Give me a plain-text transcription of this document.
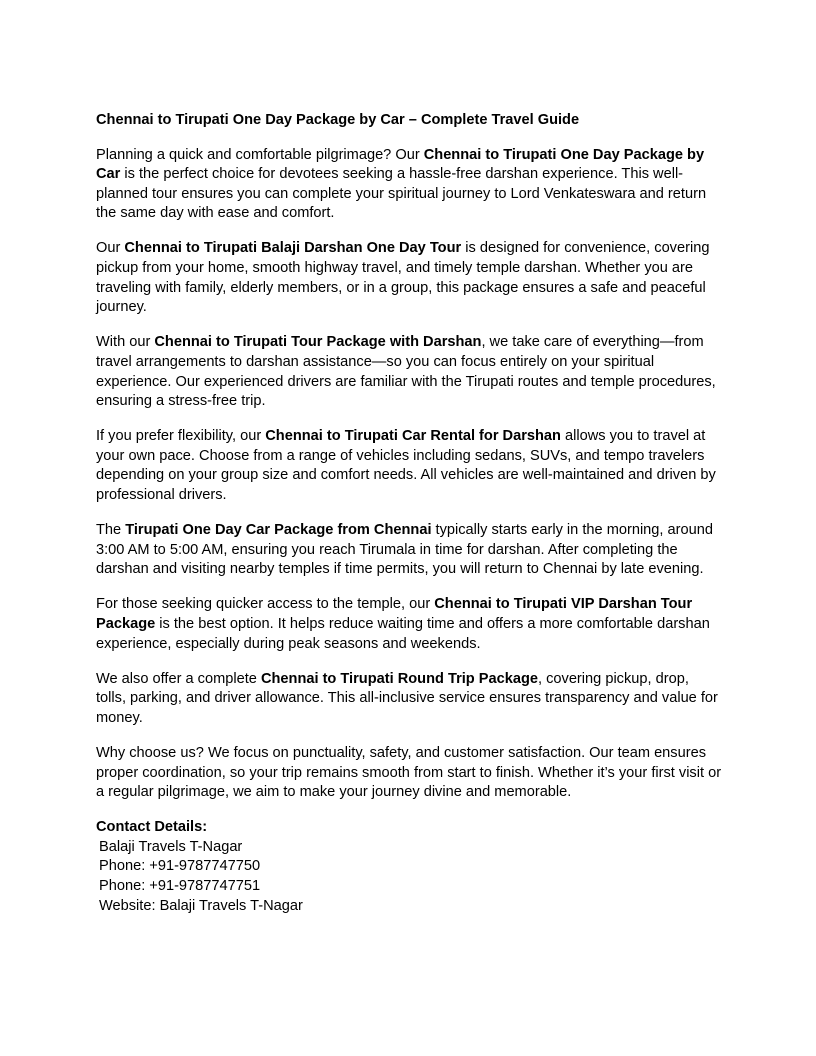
Chennai to Tirupati One Day Package by Car – Complete Travel Guide

Planning a quick and comfortable pilgrimage? Our Chennai to Tirupati One Day Package by Car is the perfect choice for devotees seeking a hassle-free darshan experience. This well-planned tour ensures you can complete your spiritual journey to Lord Venkateswara and return the same day with ease and comfort.

Our Chennai to Tirupati Balaji Darshan One Day Tour is designed for convenience, covering pickup from your home, smooth highway travel, and timely temple darshan. Whether you are traveling with family, elderly members, or in a group, this package ensures a safe and peaceful journey.

With our Chennai to Tirupati Tour Package with Darshan, we take care of everything—from travel arrangements to darshan assistance—so you can focus entirely on your spiritual experience. Our experienced drivers are familiar with the Tirupati routes and temple procedures, ensuring a stress-free trip.

If you prefer flexibility, our Chennai to Tirupati Car Rental for Darshan allows you to travel at your own pace. Choose from a range of vehicles including sedans, SUVs, and tempo travelers depending on your group size and comfort needs. All vehicles are well-maintained and driven by professional drivers.

The Tirupati One Day Car Package from Chennai typically starts early in the morning, around 3:00 AM to 5:00 AM, ensuring you reach Tirumala in time for darshan. After completing the darshan and visiting nearby temples if time permits, you will return to Chennai by late evening.

For those seeking quicker access to the temple, our Chennai to Tirupati VIP Darshan Tour Package is the best option. It helps reduce waiting time and offers a more comfortable darshan experience, especially during peak seasons and weekends.

We also offer a complete Chennai to Tirupati Round Trip Package, covering pickup, drop, tolls, parking, and driver allowance. This all-inclusive service ensures transparency and value for money.

Why choose us? We focus on punctuality, safety, and customer satisfaction. Our team ensures proper coordination, so your trip remains smooth from start to finish. Whether it’s your first visit or a regular pilgrimage, we aim to make your journey divine and memorable.

Contact Details:
Balaji Travels T-Nagar
Phone: +91-9787747750
Phone: +91-9787747751
Website: Balaji Travels T-Nagar
